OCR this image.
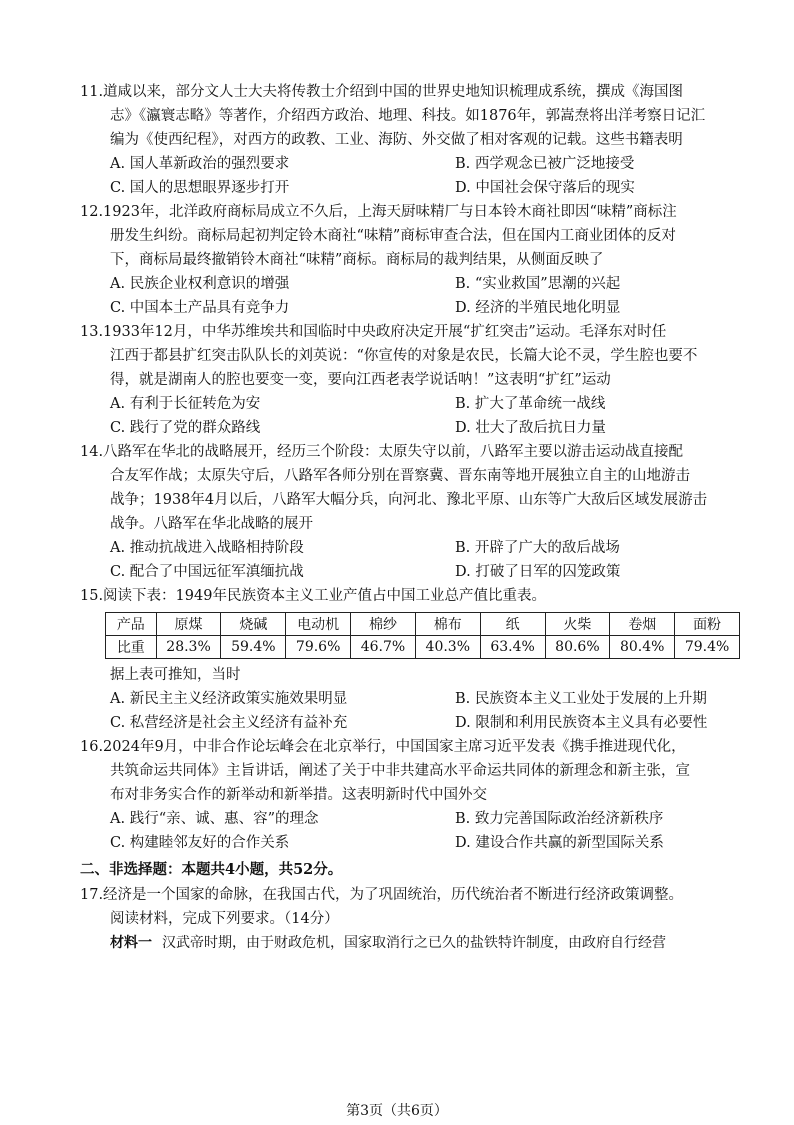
11.道咸以来，部分文人士大夫将传教士介绍到中国的世界史地知识梳理成系统，撰成《海国图
志》《瀛寰志略》等著作，介绍西方政治、地理、科技。如1876年，郭嵩焘将出洋考察日记汇
编为《使西纪程》，对西方的政教、工业、海防、外交做了相对客观的记载。这些书籍表明
A. 国人革新政治的强烈要求	B. 西学观念已被广泛地接受
C. 国人的思想眼界逐步打开	D. 中国社会保守落后的现实
12.1923年，北洋政府商标局成立不久后，上海天厨味精厂与日本铃木商社即因“味精”商标注
册发生纠纷。商标局起初判定铃木商社“味精”商标审查合法，但在国内工商业团体的反对
下，商标局最终撤销铃木商社“味精”商标。商标局的裁判结果，从侧面反映了
A. 民族企业权利意识的增强	B. “实业救国”思潮的兴起
C. 中国本土产品具有竞争力	D. 经济的半殖民地化明显
13.1933年12月，中华苏维埃共和国临时中央政府决定开展“扩红突击”运动。毛泽东对时任
江西于都县扩红突击队队长的刘英说：“你宣传的对象是农民，长篇大论不灵，学生腔也要不
得，就是湖南人的腔也要变一变，要向江西老表学说话呐！”这表明“扩红”运动
A. 有利于长征转危为安	B. 扩大了革命统一战线
C. 践行了党的群众路线	D. 壮大了敌后抗日力量
14.八路军在华北的战略展开，经历三个阶段：太原失守以前，八路军主要以游击运动战直接配
合友军作战；太原失守后，八路军各师分别在晋察冀、晋东南等地开展独立自主的山地游击
战争；1938年4月以后，八路军大幅分兵，向河北、豫北平原、山东等广大敌后区域发展游击
战争。八路军在华北战略的展开
A. 推动抗战进入战略相持阶段	B. 开辟了广大的敌后战场
C. 配合了中国远征军滇缅抗战	D. 打破了日军的囚笼政策
15.阅读下表：1949年民族资本主义工业产值占中国工业总产值比重表。
产品	原煤	烧碱	电动机	棉纱	棉布	纸	火柴	卷烟	面粉
比重	28.3%	59.4%	79.6%	46.7%	40.3%	63.4%	80.6%	80.4%	79.4%
据上表可推知，当时
A. 新民主主义经济政策实施效果明显	B. 民族资本主义工业处于发展的上升期
C. 私营经济是社会主义经济有益补充	D. 限制和利用民族资本主义具有必要性
16.2024年9月，中非合作论坛峰会在北京举行，中国国家主席习近平发表《携手推进现代化，
共筑命运共同体》主旨讲话，阐述了关于中非共建高水平命运共同体的新理念和新主张，宣
布对非务实合作的新举动和新举措。这表明新时代中国外交
A. 践行“亲、诚、惠、容”的理念	B. 致力完善国际政治经济新秩序
C. 构建睦邻友好的合作关系	D. 建设合作共赢的新型国际关系
二、非选择题：本题共4小题，共52分。
17.经济是一个国家的命脉，在我国古代，为了巩固统治，历代统治者不断进行经济政策调整。
阅读材料，完成下列要求。（14分）
材料一 汉武帝时期，由于财政危机，国家取消行之已久的盐铁特许制度，由政府自行经营
第3页（共6页）
